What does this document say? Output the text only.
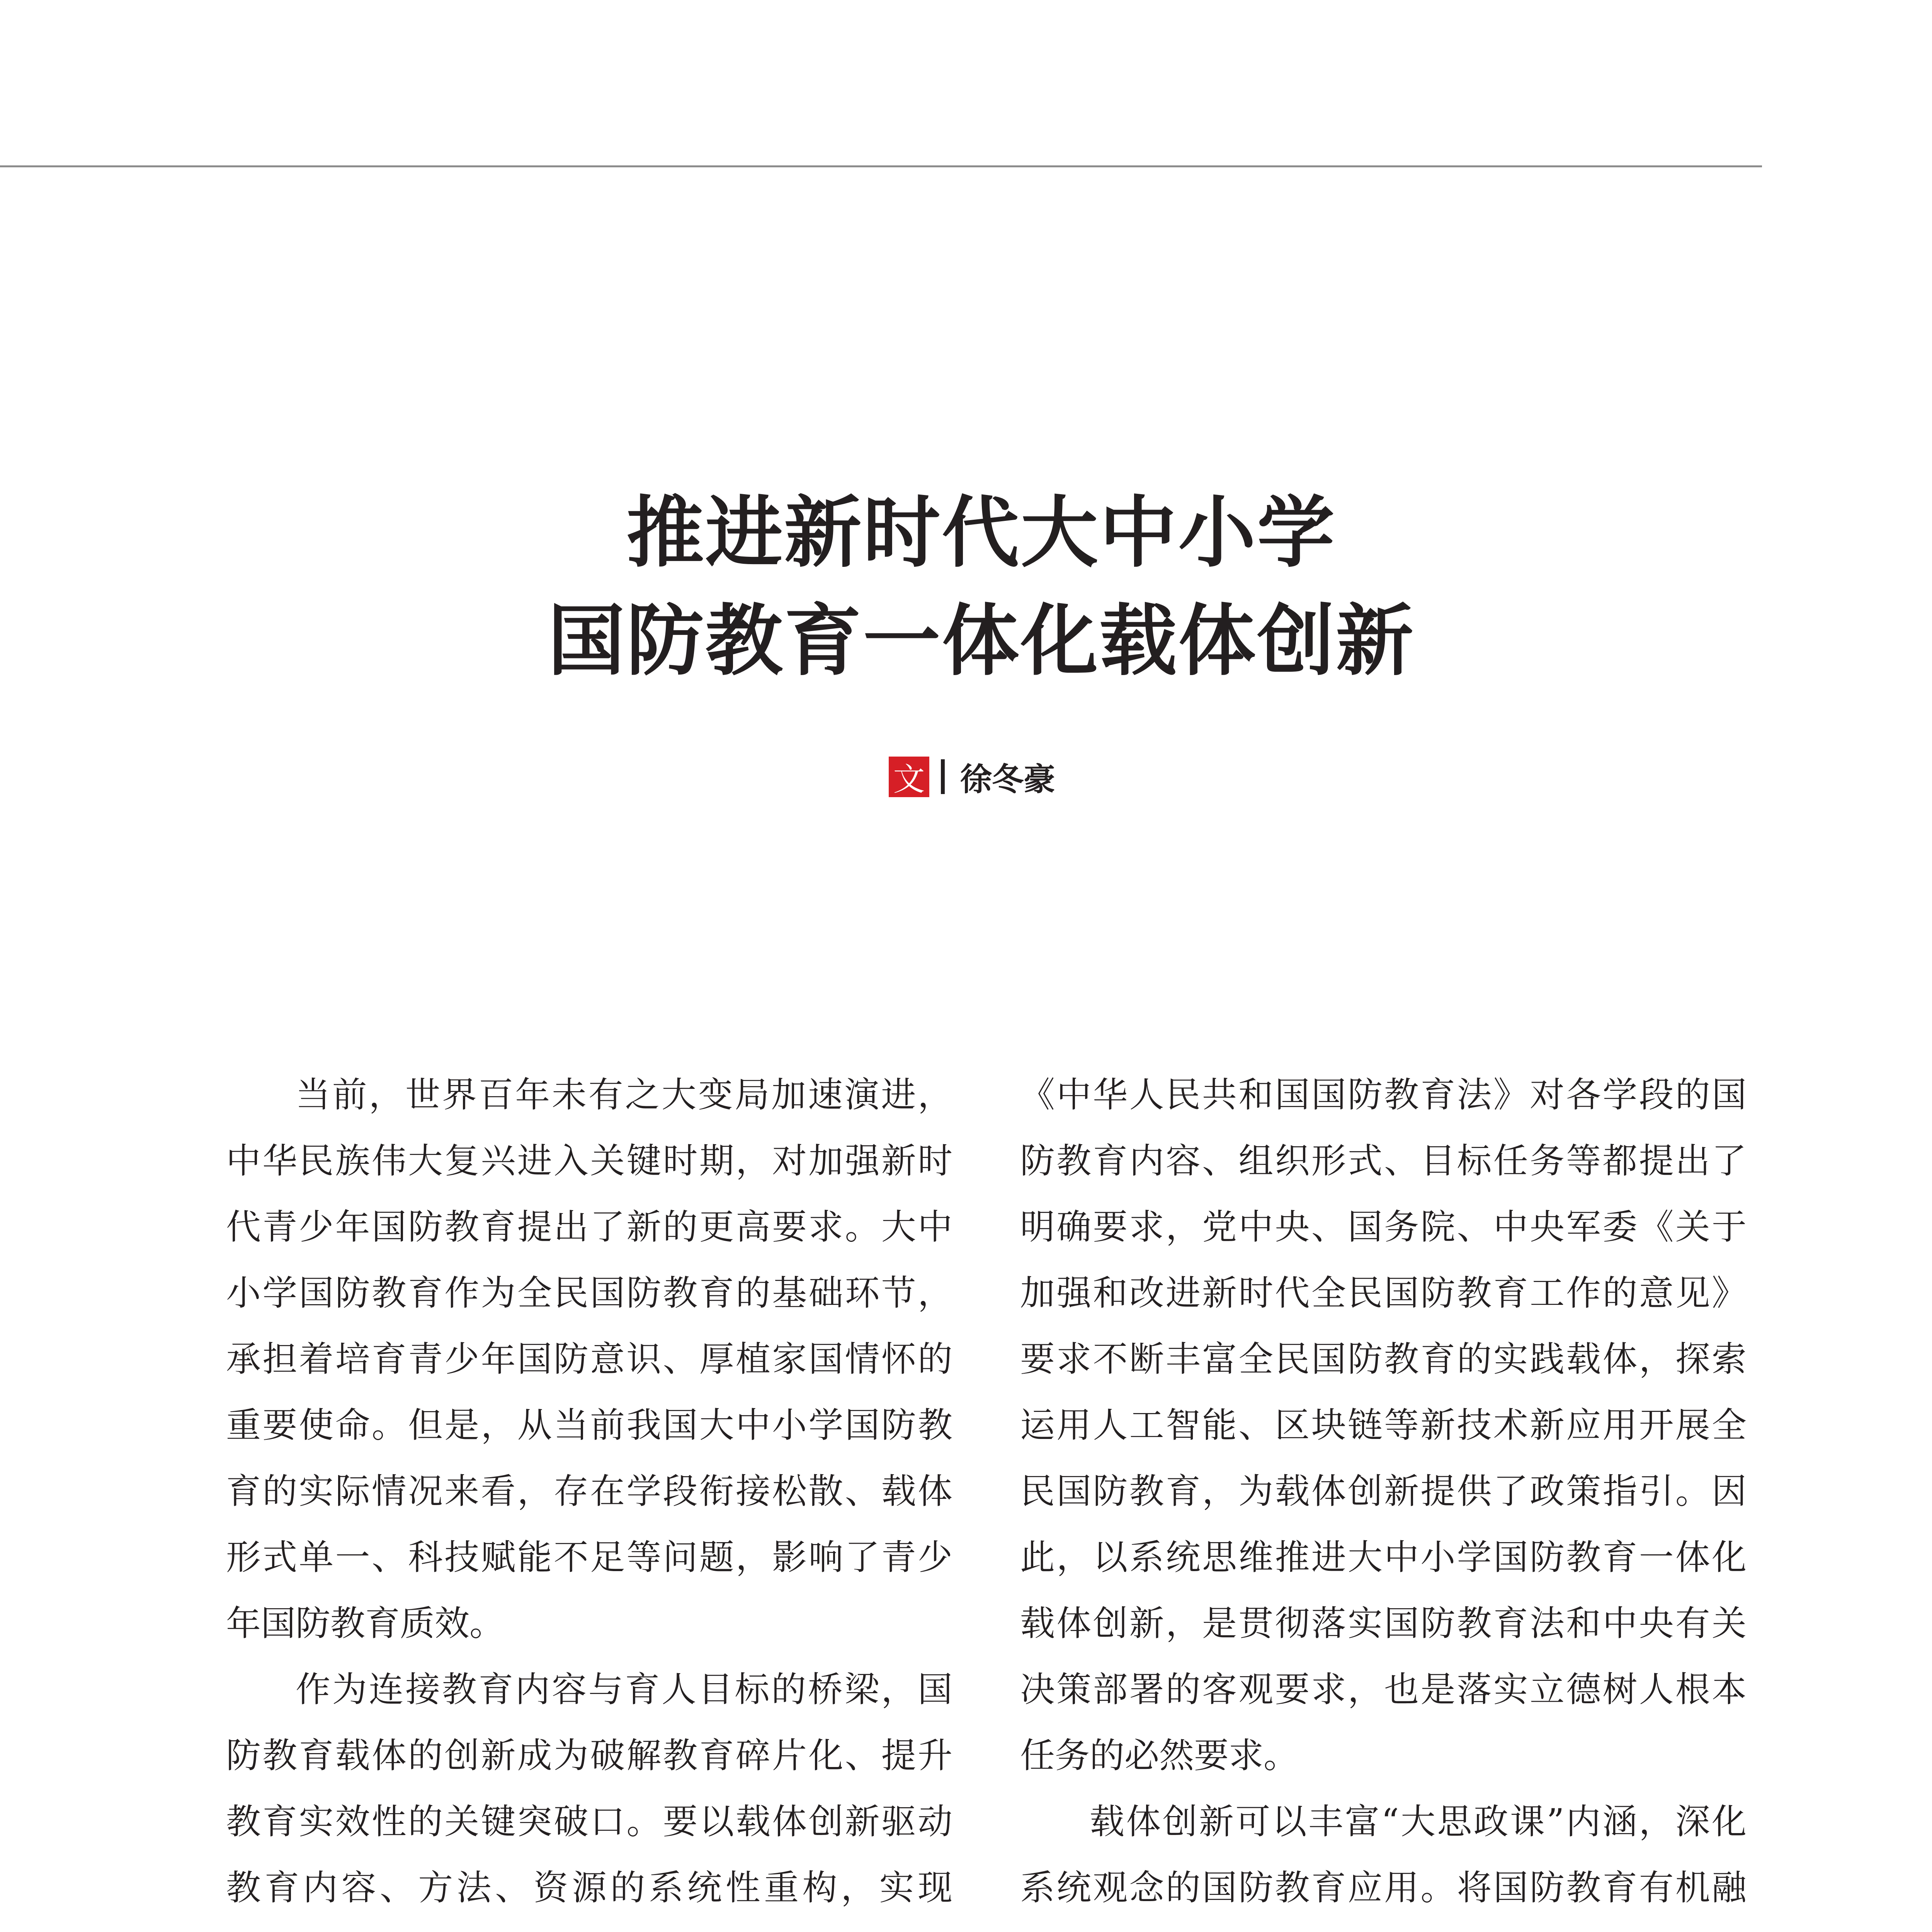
推进新时代大中小学
国防教育一体化载体创新
文 徐冬豪

当前，世界百年未有之大变局加速演进，中华民族伟大复兴进入关键时期，对加强新时代青少年国防教育提出了新的更高要求。大中小学国防教育作为全民国防教育的基础环节，承担着培育青少年国防意识、厚植家国情怀的重要使命。但是，从当前我国大中小学国防教育的实际情况来看，存在学段衔接松散、载体形式单一、科技赋能不足等问题，影响了青少年国防教育质效。

作为连接教育内容与育人目标的桥梁，国防教育载体的创新成为破解教育碎片化、提升教育实效性的关键突破口。要以载体创新驱动教育内容、方法、资源的系统性重构，实现

《中华人民共和国国防教育法》对各学段的国防教育内容、组织形式、目标任务等都提出了明确要求，党中央、国务院、中央军委《关于加强和改进新时代全民国防教育工作的意见》要求不断丰富全民国防教育的实践载体，探索运用人工智能、区块链等新技术新应用开展全民国防教育，为载体创新提供了政策指引。因此，以系统思维推进大中小学国防教育一体化载体创新，是贯彻落实国防教育法和中央有关决策部署的客观要求，也是落实立德树人根本任务的必然要求。

载体创新可以丰富“大思政课”内涵，深化系统观念的国防教育应用。将国防教育有机融
